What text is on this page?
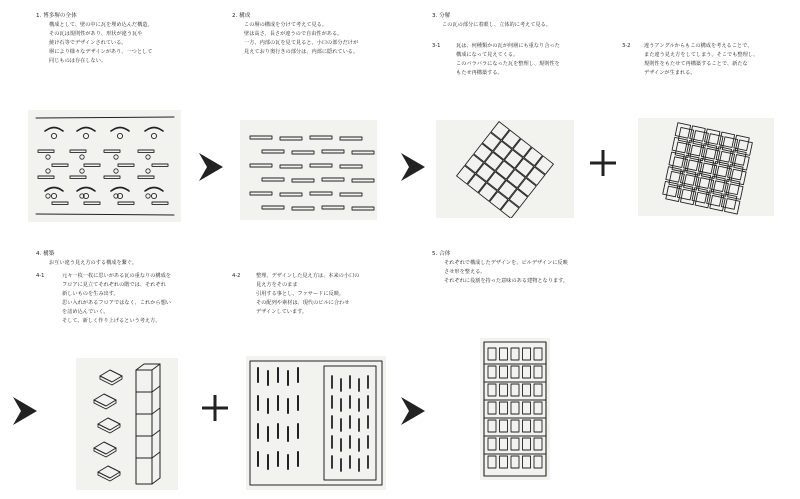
1. 博多塀の全体
構成として、壁の中に瓦を埋め込んだ構造。
その瓦は規則性があり、形状が違う瓦や
焼け石等でデザインされている。
塀により様々なデザインがあり、一つとして
同じものは存在しない。
2. 構成
この塀の構成を分けて考えて見る。
壁は高さ、長さが違うので自由性がある。
一方、内部の瓦を見て見ると、小口の部分だけが
見えており奥行きの部分は、内部に隠れている。
3. 分解
この瓦の部分に着眼し、立体的に考えて見る。
3-1	瓦は、何種類かの瓦が何層にも重なり合った
構成になって見えてくる。
このバラバラになった瓦を整理し、規則性を
もたせ再構築する。
3-2	違うアングルからもこの構成を考えることで、
また違う見え方をしてしまう。そこでも整理し、
規則性をもたせて再構築することで、新たな
デザインが生まれる。
4. 構築
お互い違う見え方のする構成を繋ぐ。
4-1	元々一枚一枚に思いがある瓦の重なりの構成を
フロアに見立てそれぞれの階では、それぞれ
新しいものを生み出す。
思い入れがあるフロアではなく、これから想い
を詰め込んでいく。
そして、新しく作り上げるという考え方。
4-2	整理、デザインした見え方は、本来の小口の
見え方をそのまま
引用する事とし、ファサードに反映。
その配列や素材は、現代のビルに合わせ
デザインしています。
5. 合体
それぞれで構成したデザインを、ビルデザインに反映
させ形を整える。
それぞれに役割を持った意味のある建物となります。
